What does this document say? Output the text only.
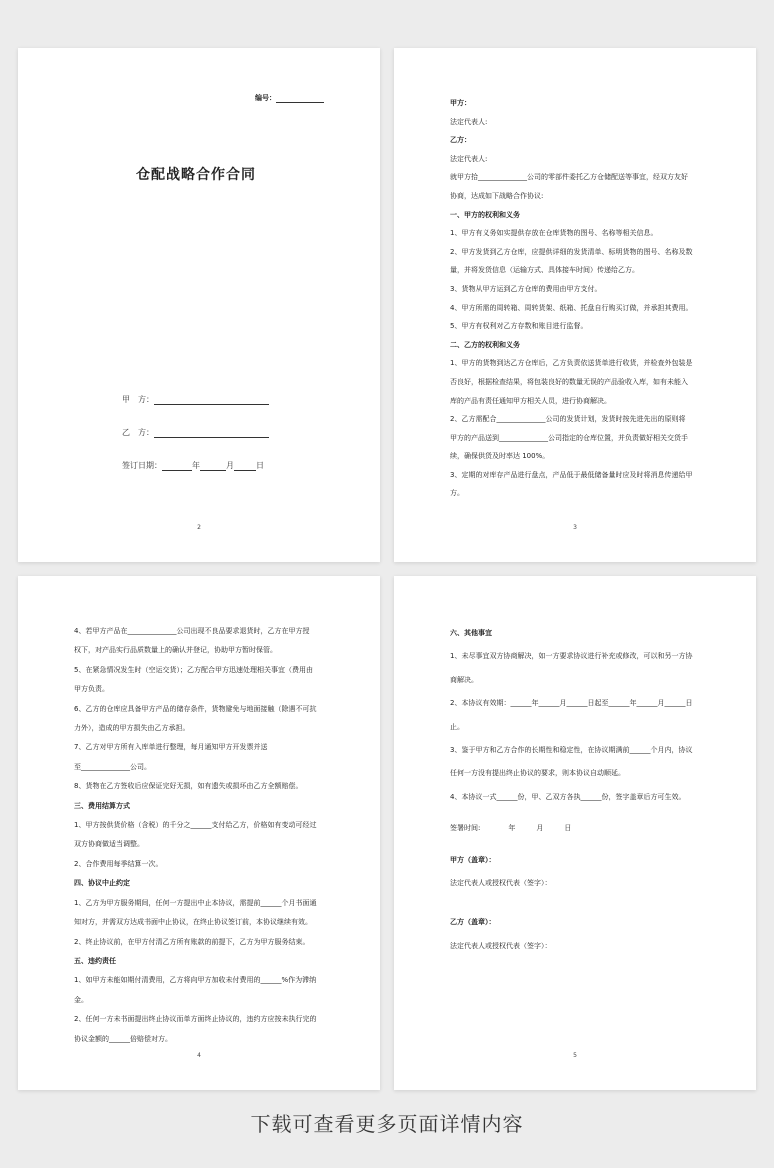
编号：
仓配战略合作合同
甲　方：
乙　方：
签订日期：	年	月	日
2
甲方：
法定代表人:
乙方：
法定代表人:
就甲方拾______________公司的零部件委托乙方仓储配送等事宜，经双方友好
协商，达成如下战略合作协议:
一、甲方的权利和义务
1、甲方有义务如实提供存放在仓库货物的图号、名称等相关信息。
2、甲方发货到乙方仓库，应提供详细的发货清单、标明货物的图号、名称及数
量，并将发货信息（运输方式、具体接车时间）传递给乙方。
3、货物从甲方运到乙方仓库的费用由甲方支付。
4、甲方所需的周转箱、周转货架、纸箱、托盘自行购买订做，并承担其费用。
5、甲方有权利对乙方存数和账目进行监督。
二、乙方的权利和义务
1、甲方的货物到达乙方仓库后，乙方负责依送货单进行收货，并检查外包装是
否良好，根据检查结果，将包装良好的数量无误的产品验收入库，如有未能入
库的产品有责任通知甲方相关人员，进行协商解决。
2、乙方需配合______________公司的发货计划，发货时按先进先出的原则将
甲方的产品送到______________公司指定的仓库位置，并负责做好相关交货手
续，确保供货及时率达 100%。
3、定期的对库存产品进行盘点，产品低于最低储备量时应及时将消息传递给甲
方。
3
4、若甲方产品在______________公司出现不良品要求退货时，乙方在甲方授
权下，对产品实行品质数量上的确认并登记，协助甲方暂时保管。
5、在紧急情况发生时（空运交货）；乙方配合甲方迅速处理相关事宜（费用由
甲方负责。
6、乙方的仓库应具备甲方产品的储存条件，货物避免与地面接触（除遇不可抗
力外），造成的甲方损失由乙方承担。
7、乙方对甲方所有入库单进行整理，每月通知甲方开发票并送
至______________公司。
8、货物在乙方签收后应保证完好无损，如有遗失或损坏由乙方全额赔偿。
三、费用结算方式
1、甲方按供货价格（含税）的千分之______支付给乙方，价格如有变动可经过
双方协商做适当调整。
2、合作费用每季结算一次。
四、协议中止约定
1、乙方为甲方服务期间，任何一方提出中止本协议，需提前______个月书面通
知对方，并需双方达成书面中止协议，在终止协议签订前，本协议继续有效。
2、终止协议前，在甲方付清乙方所有账款的前提下，乙方为甲方服务结束。
五、违约责任
1、如甲方未能如期付清费用，乙方将向甲方加收未付费用的______%作为滞纳
金。
2、任何一方未书面提出终止协议而单方面终止协议的，违约方应按未执行完的
协议金额的______倍赔偿对方。
4
六、其他事宜
1、未尽事宜双方协商解决，如一方要求协议进行补充或修改，可以和另一方协
商解决。
2、本协议有效期：______年______月______日起至______年______月______日
止。
3、鉴于甲方和乙方合作的长期性和稳定性，在协议期满前______个月内，协议
任何一方没有提出终止协议的要求，则本协议自动顺延。
4、本协议一式______份，甲、乙双方各执______份，签字盖章后方可生效。
签署时间:　　　　年　　　月　　　日
甲方（盖章）：
法定代表人或授权代表（签字）：
乙方（盖章）：
法定代表人或授权代表（签字）：
5
下载可查看更多页面详情内容
